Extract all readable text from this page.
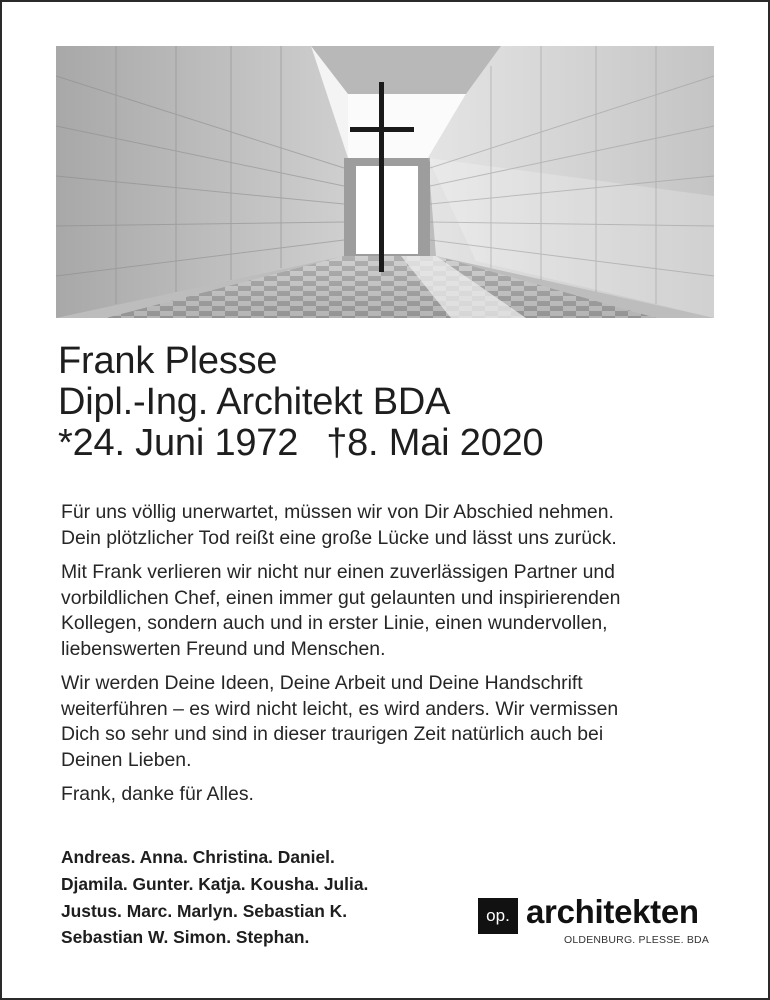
Frank Plesse
Dipl.-Ing. Architekt BDA
*24. Juni 1972 †8. Mai 2020

Für uns völlig unerwartet, müssen wir von Dir Abschied nehmen.
Dein plötzlicher Tod reißt eine große Lücke und lässt uns zurück.

Mit Frank verlieren wir nicht nur einen zuverlässigen Partner und
vorbildlichen Chef, einen immer gut gelaunten und inspirierenden
Kollegen, sondern auch und in erster Linie, einen wundervollen,
liebenswerten Freund und Menschen.

Wir werden Deine Ideen, Deine Arbeit und Deine Handschrift
weiterführen – es wird nicht leicht, es wird anders. Wir vermissen
Dich so sehr und sind in dieser traurigen Zeit natürlich auch bei
Deinen Lieben.

Frank, danke für Alles.

Andreas. Anna. Christina. Daniel.
Djamila. Gunter. Katja. Kousha. Julia.
Justus. Marc. Marlyn. Sebastian K.
Sebastian W. Simon. Stephan.
op. architekten
OLDENBURG. PLESSE. BDA
